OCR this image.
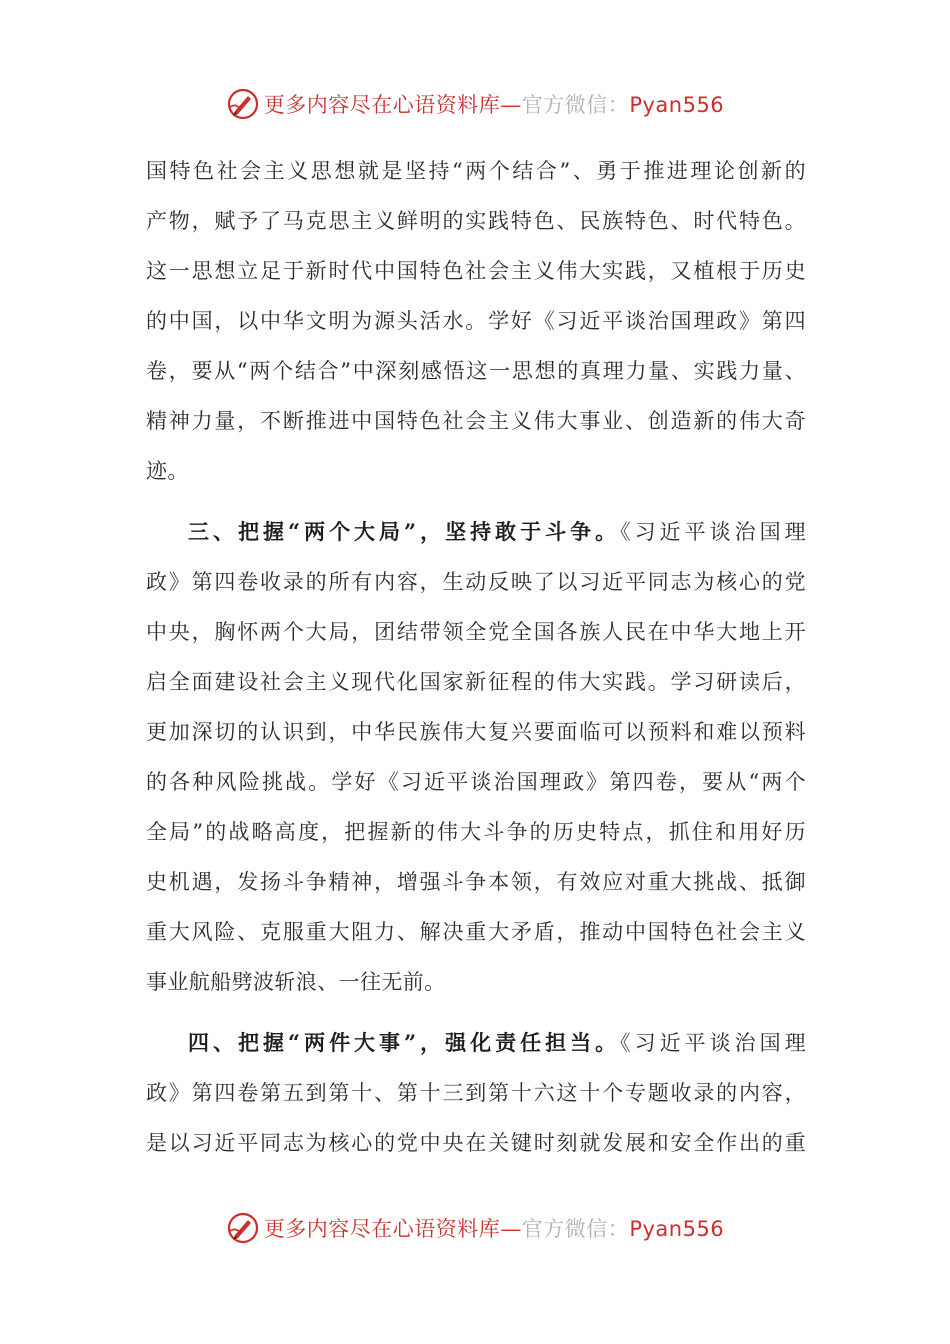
更多内容尽在心语资料库—官方微信：Pyan556
国特色社会主义思想就是坚持“两个结合”、勇于推进理论创新的
产物，赋予了马克思主义鲜明的实践特色、民族特色、时代特色。
这一思想立足于新时代中国特色社会主义伟大实践，又植根于历史
的中国，以中华文明为源头活水。学好《习近平谈治国理政》第四
卷，要从“两个结合”中深刻感悟这一思想的真理力量、实践力量、
精神力量，不断推进中国特色社会主义伟大事业、创造新的伟大奇
迹。
三、把握“两个大局”，坚持敢于斗争。《习近平谈治国理
政》第四卷收录的所有内容，生动反映了以习近平同志为核心的党
中央，胸怀两个大局，团结带领全党全国各族人民在中华大地上开
启全面建设社会主义现代化国家新征程的伟大实践。学习研读后，
更加深切的认识到，中华民族伟大复兴要面临可以预料和难以预料
的各种风险挑战。学好《习近平谈治国理政》第四卷，要从“两个
全局”的战略高度，把握新的伟大斗争的历史特点，抓住和用好历
史机遇，发扬斗争精神，增强斗争本领，有效应对重大挑战、抵御
重大风险、克服重大阻力、解决重大矛盾，推动中国特色社会主义
事业航船劈波斩浪、一往无前。
四、把握“两件大事”，强化责任担当。《习近平谈治国理
政》第四卷第五到第十、第十三到第十六这十个专题收录的内容，
是以习近平同志为核心的党中央在关键时刻就发展和安全作出的重
更多内容尽在心语资料库—官方微信：Pyan556
